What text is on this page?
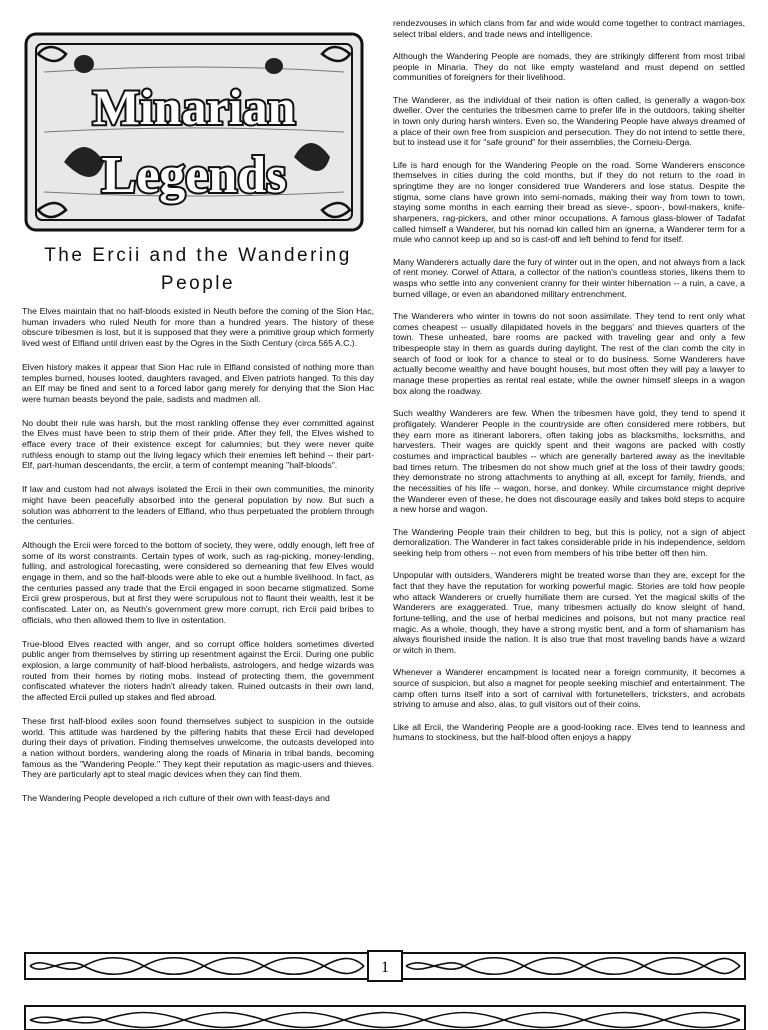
Minarian
Legends
The Ercii and the Wandering People

The Elves maintain that no half-bloods existed in Neuth before the coming of the Sion Hac, human invaders who ruled Neuth for more than a hundred years. The history of these obscure tribesmen is lost, but it is supposed that they were a primitive group which formerly lived west of Elfland until driven east by the Ogres in the Sixth Century (circa 565 A.C.).

Elven history makes it appear that Sion Hac rule in Elfland consisted of nothing more than temples burned, houses looted, daughters ravaged, and Elven patriots hanged. To this day an Elf may be fined and sent to a forced labor gang merely for denying that the Sion Hac were human beasts beyond the pale, sadists and madmen all.

No doubt their rule was harsh, but the most rankling offense they ever committed against the Elves must have been to strip them of their pride. After they fell, the Elves wished to efface every trace of their existence except for calumnies; but they were never quite ruthless enough to stamp out the living legacy which their enemies left behind -- their part-Elf, part-human descendants, the erciir, a term of contempt meaning "half-bloods".

If law and custom had not always isolated the Ercii in their own communities, the minority might have been peacefully absorbed into the general population by now. But such a solution was abhorrent to the leaders of Elfland, who thus perpetuated the problem through the centuries.

Although the Ercii were forced to the bottom of society, they were, oddly enough, left free of some of its worst constraints. Certain types of work, such as rag-picking, money-lending, fulling, and astrological forecasting, were considered so demeaning that few Elves would engage in them, and so the half-bloods were able to eke out a humble livelihood. In fact, as the centuries passed any trade that the Ercii engaged in soon became stigmatized. Some Ercii grew prosperous, but at first they were scrupulous not to flaunt their wealth, lest it be confiscated. Later on, as Neuth's government grew more corrupt, rich Ercii paid bribes to officials, who then allowed them to live in ostentation.

True-blood Elves reacted with anger, and so corrupt office holders sometimes diverted public anger from themselves by stirring up resentment against the Ercii. During one public explosion, a large community of half-blood herbalists, astrologers, and hedge wizards was routed from their homes by rioting mobs. Instead of protecting them, the government confiscated whatever the rioters hadn't already taken. Ruined outcasts in their own land, the affected Ercii pulled up stakes and fled abroad.

These first half-blood exiles soon found themselves subject to suspicion in the outside world. This attitude was hardened by the pilfering habits that these Ercii had developed during their days of privation. Finding themselves unwelcome, the outcasts developed into a nation without borders, wandering along the roads of Minaria in tribal bands, becoming famous as the "Wandering People." They kept their reputation as magic-users and thieves. They are particularly apt to steal magic devices when they can find them.

The Wandering People developed a rich culture of their own with feast-days and

rendezvouses in which clans from far and wide would come together to contract marriages, select tribal elders, and trade news and intelligence.

Although the Wandering People are nomads, they are strikingly different from most tribal people in Minaria. They do not like empty wasteland and must depend on settled communities of foreigners for their livelihood.

The Wanderer, as the individual of their nation is often called, is generally a wagon-box dweller. Over the centuries the tribesmen came to prefer life in the outdoors, taking shelter in town only during harsh winters. Even so, the Wandering People have always dreamed of a place of their own free from suspicion and persecution. They do not intend to settle there, but to instead use it for "safe ground" for their assemblies, the Corneiu-Derga.

Life is hard enough for the Wandering People on the road. Some Wanderers ensconce themselves in cities during the cold months, but if they do not return to the road in springtime they are no longer considered true Wanderers and lose status. Despite the stigma, some clans have grown into semi-nomads, making their way from town to town, staying some months in each earning their bread as sieve-, spoon-, bowl-makers, knife-sharpeners, rag-pickers, and other minor occupations. A famous glass-blower of Tadafat called himself a Wanderer, but his nomad kin called him an ignerna, a Wanderer term for a mule who cannot keep up and so is cast-off and left behind to fend for itself.

Many Wanderers actually dare the fury of winter out in the open, and not always from a lack of rent money. Corwel of Attara, a collector of the nation's countless stories, likens them to wasps who settle into any convenient cranny for their winter hibernation -- a ruin, a cave, a burned village, or even an abandoned military entrenchment.

The Wanderers who winter in towns do not soon assimilate. They tend to rent only what comes cheapest -- usually dilapidated hovels in the beggars' and thieves quarters of the town. These unheated, bare rooms are packed with traveling gear and only a few tribespeople stay in them as guards during daylight. The rest of the clan comb the city in search of food or look for a chance to steal or to do business. Some Wanderers have actually become wealthy and have bought houses, but most often they will pay a lawyer to manage these properties as rental real estate, while the owner himself sleeps in a wagon box along the roadway.

Such wealthy Wanderers are few. When the tribesmen have gold, they tend to spend it profligately. Wanderer People in the countryside are often considered mere robbers, but they earn more as itinerant laborers, often taking jobs as blacksmiths, locksmiths, and harvesters. Their wages are quickly spent and their wagons are packed with costly costumes and impractical baubles -- which are generally bartered away as the inevitable bad times return. The tribesmen do not show much grief at the loss of their tawdry goods; they demonstrate no strong attachments to anything at all, except for family, friends, and the necessities of his life -- wagon, horse, and donkey. While circumstance might deprive the Wanderer even of these, he does not discourage easily and takes bold steps to acquire a new horse and wagon.

The Wandering People train their children to beg, but this is policy, not a sign of abject demoralization. The Wanderer in fact takes considerable pride in his independence, seldom seeking help from others -- not even from members of his tribe better off then him.

Unpopular with outsiders, Wanderers might be treated worse than they are, except for the fact that they have the reputation for working powerful magic. Stories are told how people who attack Wanderers or cruelly humiliate them are cursed. Yet the magical skills of the Wanderers are exaggerated. True, many tribesmen actually do know sleight of hand, fortune-telling, and the use of herbal medicines and poisons, but not many practice real magic. As a whole, though, they have a strong mystic bent, and a form of shamanism has always flourished inside the nation. It is also true that most traveling bands have a wizard or witch in them.

Whenever a Wanderer encampment is located near a foreign community, it becomes a source of suspicion, but also a magnet for people seeking mischief and entertainment. The camp often turns itself into a sort of carnival with fortunetellers, tricksters, and acrobats striving to amuse and also, alas, to gull visitors out of their coins.

Like all Ercii, the Wandering People are a good-looking race. Elves tend to leanness and humans to stockiness, but the half-blood often enjoys a happy

1
